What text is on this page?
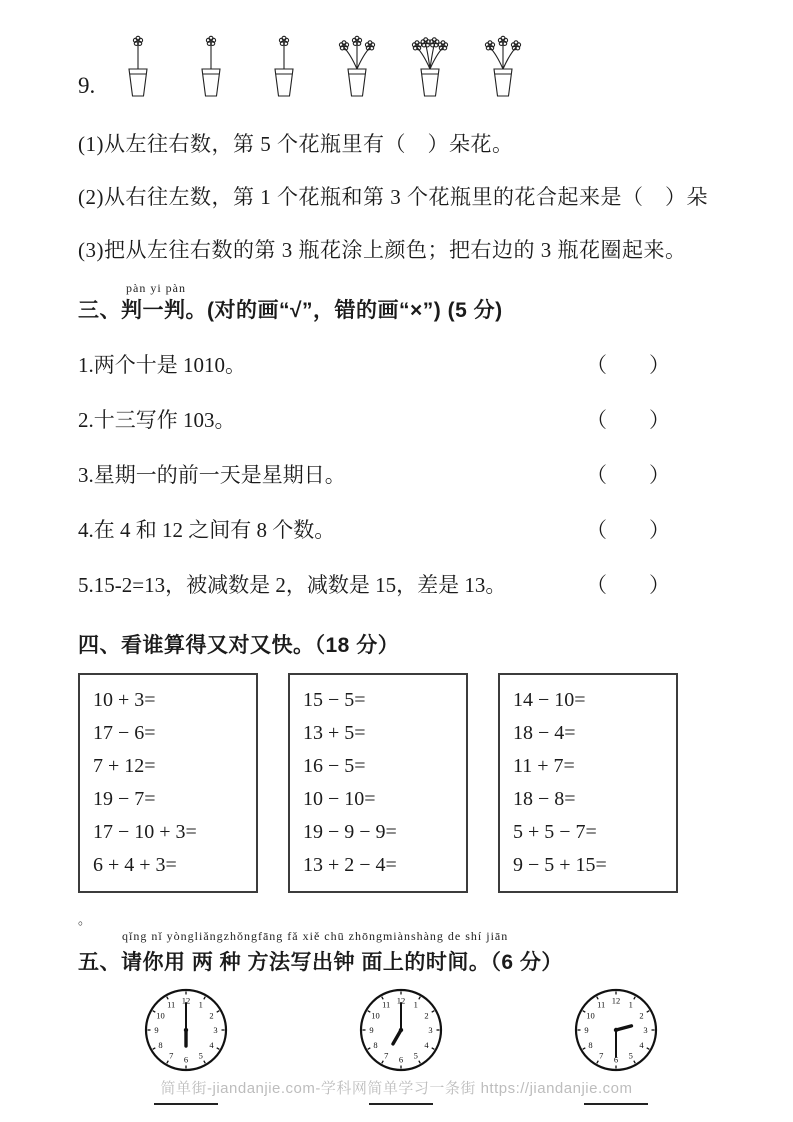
9.
(1)从左往右数，第 5 个花瓶里有（　）朵花。
(2)从右往左数，第 1 个花瓶和第 3 个花瓶里的花合起来是（　）朵
(3)把从左往右数的第 3 瓶花涂上颜色；把右边的 3 瓶花圈起来。
pàn yi pàn
三、判一判。(对的画“√”，错的画“×”) (5 分)
1.两个十是 1010。	（　　）
2.十三写作 103。	（　　）
3.星期一的前一天是星期日。	（　　）
4.在 4 和 12 之间有 8 个数。	（　　）
5.15-2=13，被减数是 2，减数是 15，差是 13。	（　　）
四、看谁算得又对又快。（18 分）
10 + 3=
17 − 6=
7 + 12=
19 − 7=
17 − 10 + 3=
6 + 4 + 3=
15 − 5=
13 + 5=
16 − 5=
10 − 10=
19 − 9 − 9=
13 + 2 − 4=
14 − 10=
18 − 4=
11 + 7=
18 − 8=
5 + 5 − 7=
9 − 5 + 15=
。
qǐng nǐ yòngliǎngzhǒngfāng fǎ xiě chū zhōngmiànshàng de shí jiān
五、请你用 两 种 方法写出钟 面上的时间。（6 分）
1
2
3
4
5
6
7
8
9
10
11 12	1
2
3
4
5
6
7
8
9
10
11 12	1
2
3
4
5
6
7
8
9
10
11 12
简单街-jiandanjie.com-学科网简单学习一条街 https://jiandanjie.com
